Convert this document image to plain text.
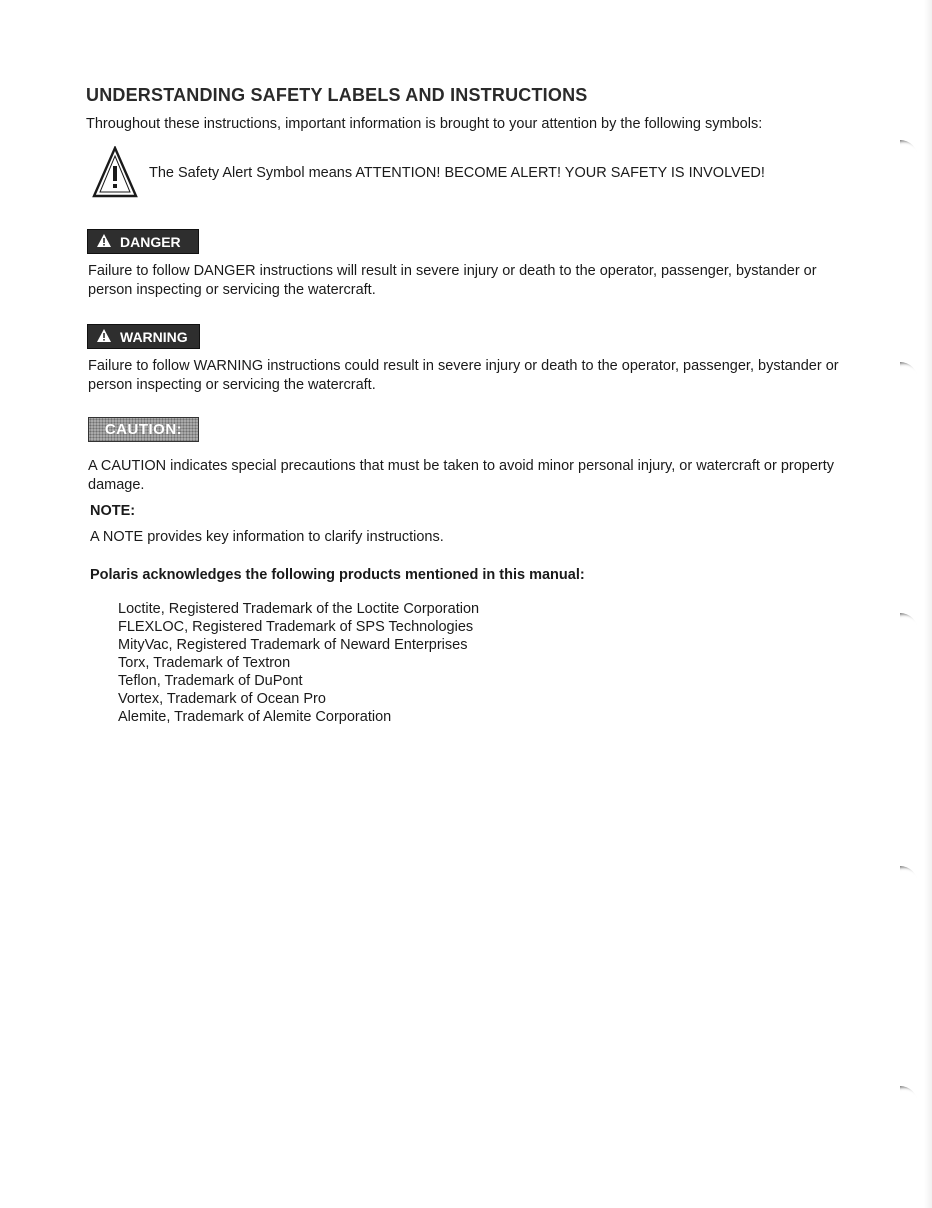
UNDERSTANDING SAFETY LABELS AND INSTRUCTIONS
Throughout these instructions, important information is brought to your attention by the following symbols:
The Safety Alert Symbol means ATTENTION! BECOME ALERT! YOUR SAFETY IS INVOLVED!
DANGER
Failure to follow DANGER instructions will result in severe injury or death to the operator, passenger, bystander or person inspecting or servicing the watercraft.
WARNING
Failure to follow WARNING instructions could result in severe injury or death to the operator, passenger, bystander or person inspecting or servicing the watercraft.
CAUTION:
A CAUTION indicates special precautions that must be taken to avoid minor personal injury, or watercraft or property damage.
NOTE:
A NOTE provides key information to clarify instructions.
Polaris acknowledges the following products mentioned in this manual:
Loctite, Registered Trademark of the Loctite Corporation
FLEXLOC, Registered Trademark of SPS Technologies
MityVac, Registered Trademark of Neward Enterprises
Torx, Trademark of Textron
Teflon, Trademark of DuPont
Vortex, Trademark of Ocean Pro
Alemite, Trademark of Alemite Corporation
